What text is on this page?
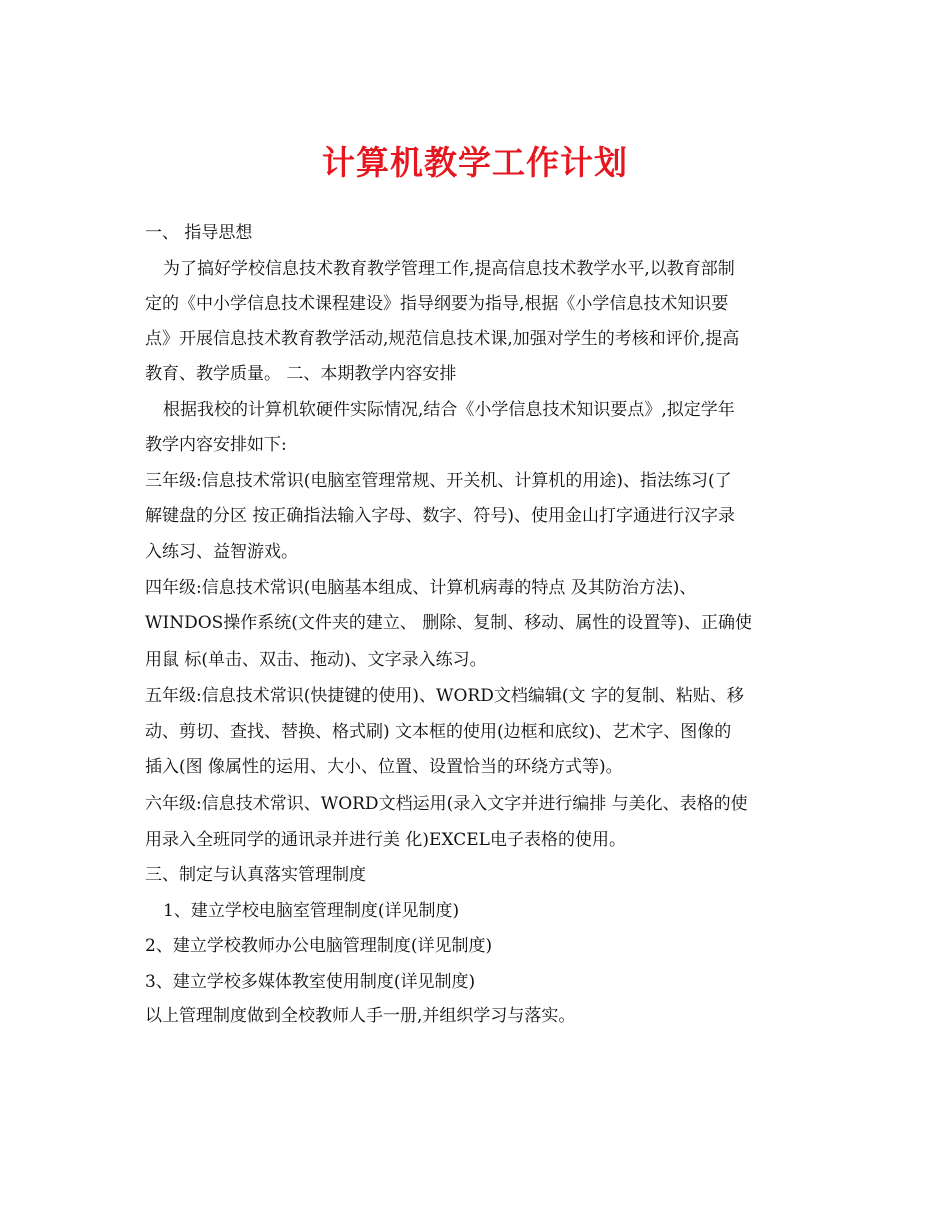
计算机教学工作计划
一、 指导思想
为了搞好学校信息技术教育教学管理工作,提高信息技术教学水平,以教育部制
定的《中小学信息技术课程建设》指导纲要为指导,根据《小学信息技术知识要
点》开展信息技术教育教学活动,规范信息技术课,加强对学生的考核和评价,提高
教育、教学质量。 二、本期教学内容安排
根据我校的计算机软硬件实际情况,结合《小学信息技术知识要点》,拟定学年
教学内容安排如下:
三年级:信息技术常识(电脑室管理常规、开关机、计算机的用途)、指法练习(了
解键盘的分区 按正确指法输入字母、数字、符号)、使用金山打字通进行汉字录
入练习、益智游戏。
四年级:信息技术常识(电脑基本组成、计算机病毒的特点 及其防治方法)、
WINDOS操作系统(文件夹的建立、 删除、复制、移动、属性的设置等)、正确使
用鼠 标(单击、双击、拖动)、文字录入练习。
五年级:信息技术常识(快捷键的使用)、WORD文档编辑(文 字的复制、粘贴、移
动、剪切、查找、替换、格式刷) 文本框的使用(边框和底纹)、艺术字、图像的
插入(图 像属性的运用、大小、位置、设置恰当的环绕方式等)。
六年级:信息技术常识、WORD文档运用(录入文字并进行编排 与美化、表格的使
用录入全班同学的通讯录并进行美 化)EXCEL电子表格的使用。
三、制定与认真落实管理制度
1、建立学校电脑室管理制度(详见制度)
2、建立学校教师办公电脑管理制度(详见制度)
3、建立学校多媒体教室使用制度(详见制度)
以上管理制度做到全校教师人手一册,并组织学习与落实。
